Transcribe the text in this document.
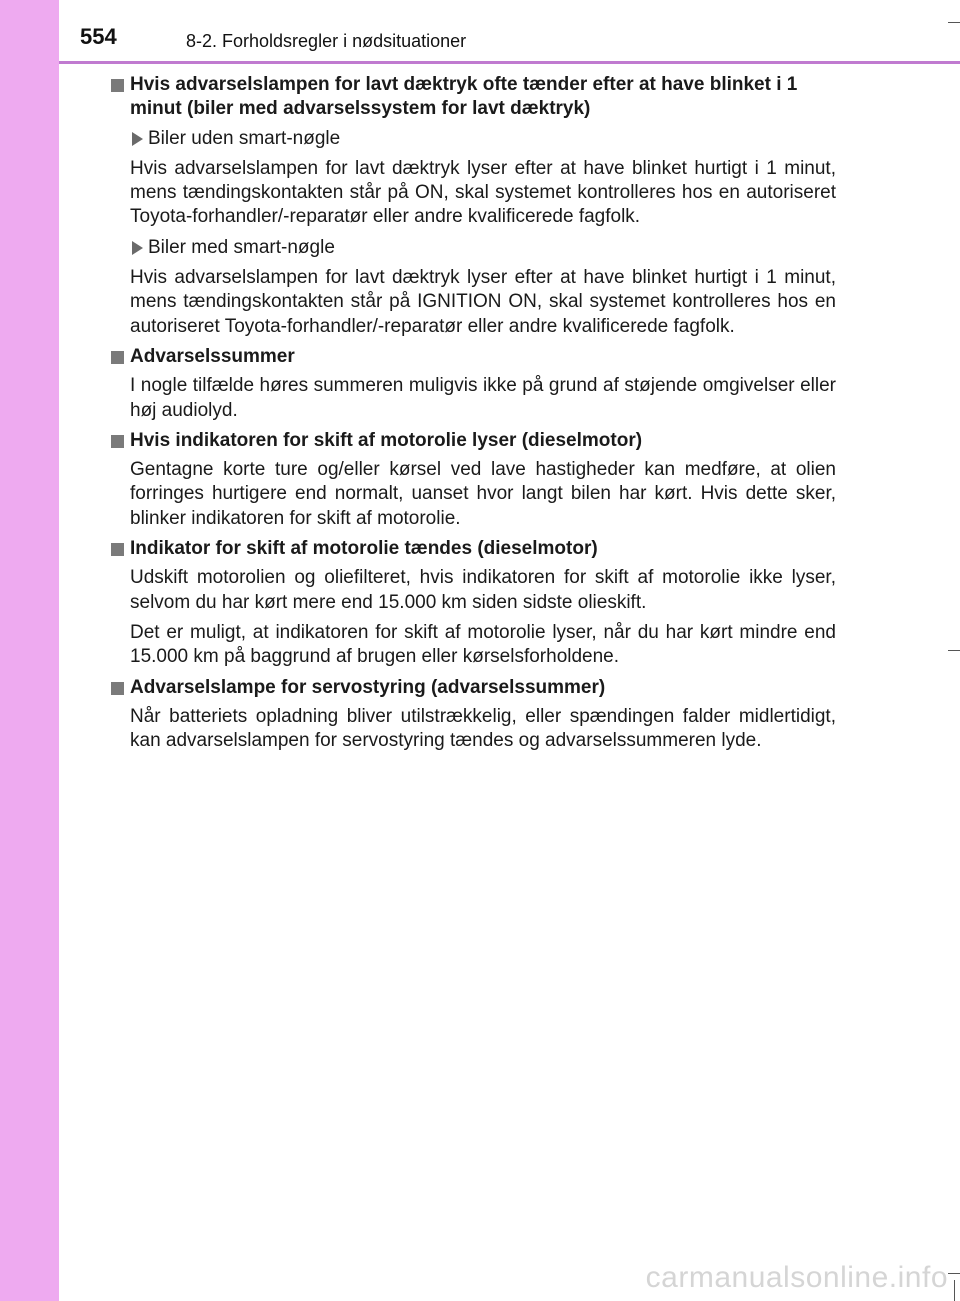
554	8-2. Forholdsregler i nødsituationer
Hvis advarselslampen for lavt dæktryk ofte tænder efter at have blinket i 1 minut (biler med advarselssystem for lavt dæktryk)
Biler uden smart-nøgle
Hvis advarselslampen for lavt dæktryk lyser efter at have blinket hurtigt i 1 minut, mens tændingskontakten står på ON, skal systemet kontrolleres hos en autoriseret Toyota-forhandler/-reparatør eller andre kvalificerede fagfolk.
Biler med smart-nøgle
Hvis advarselslampen for lavt dæktryk lyser efter at have blinket hurtigt i 1 minut, mens tændingskontakten står på IGNITION ON, skal systemet kontrolleres hos en autoriseret Toyota-forhandler/-reparatør eller andre kvalificerede fagfolk.
Advarselssummer
I nogle tilfælde høres summeren muligvis ikke på grund af støjende omgivelser eller høj audiolyd.
Hvis indikatoren for skift af motorolie lyser (dieselmotor)
Gentagne korte ture og/eller kørsel ved lave hastigheder kan medføre, at olien forringes hurtigere end normalt, uanset hvor langt bilen har kørt. Hvis dette sker, blinker indikatoren for skift af motorolie.
Indikator for skift af motorolie tændes (dieselmotor)
Udskift motorolien og oliefilteret, hvis indikatoren for skift af motorolie ikke lyser, selvom du har kørt mere end 15.000 km siden sidste olieskift.
Det er muligt, at indikatoren for skift af motorolie lyser, når du har kørt mindre end 15.000 km på baggrund af brugen eller kørselsforholdene.
Advarselslampe for servostyring (advarselssummer)
Når batteriets opladning bliver utilstrækkelig, eller spændingen falder midlertidigt, kan advarselslampen for servostyring tændes og advarselssummeren lyde.
carmanualsonline.info
